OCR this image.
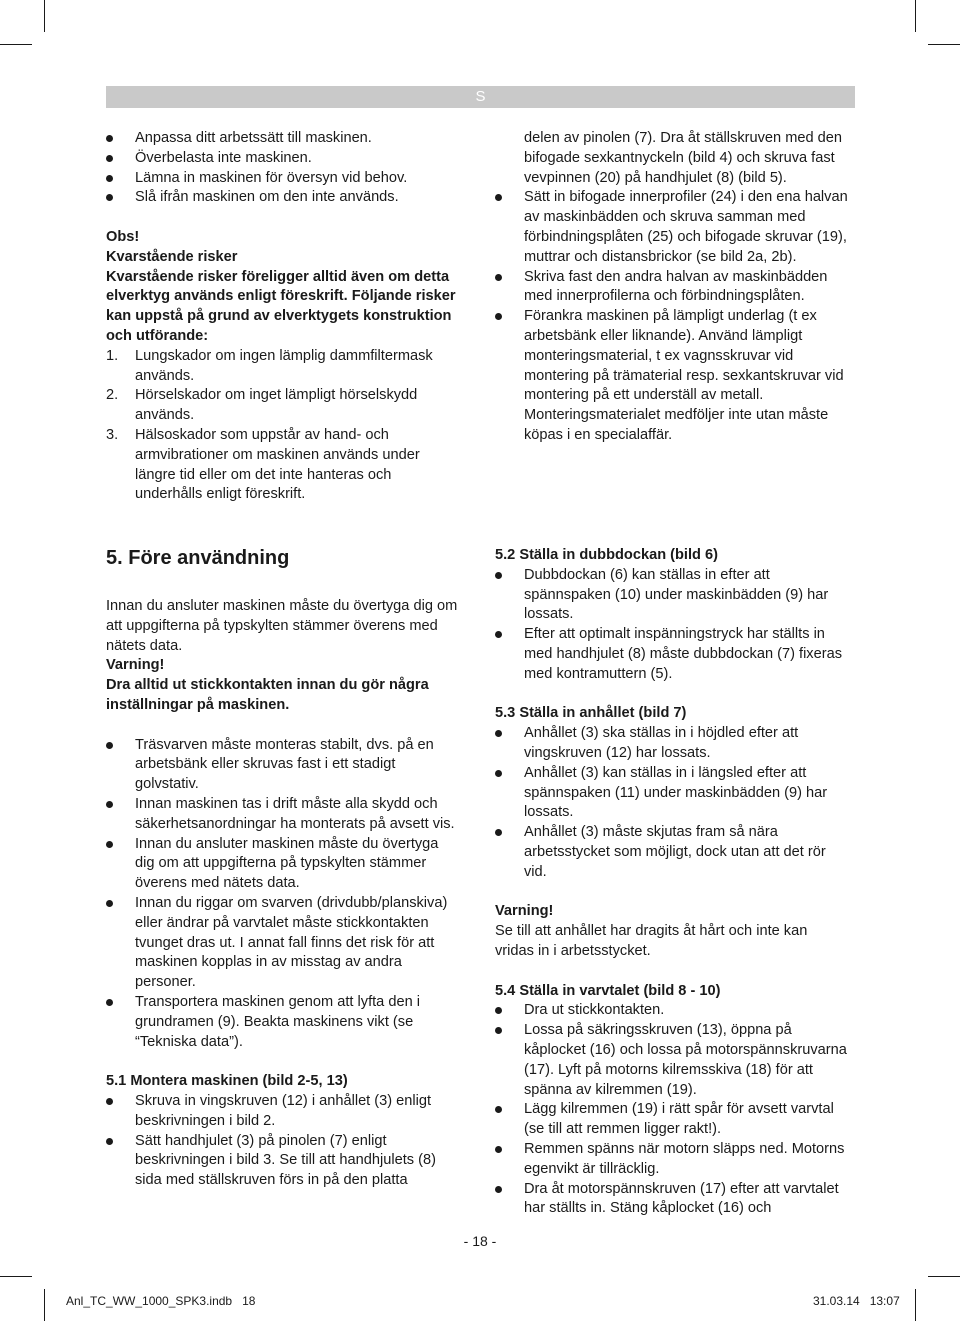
S
Anpassa ditt arbetssätt till maskinen.
Överbelasta inte maskinen.
Lämna in maskinen för översyn vid behov.
Slå ifrån maskinen om den inte används.
Obs!
Kvarstående risker
Kvarstående risker föreligger alltid även om detta elverktyg används enligt föreskrift. Följande risker kan uppstå på grund av elverktygets konstruktion och utförande:
1. Lungskador om ingen lämplig dammfiltermask används.
2. Hörselskador om inget lämpligt hörselskydd används.
3. Hälsoskador som uppstår av hand- och armvibrationer om maskinen används under längre tid eller om det inte hanteras och underhålls enligt föreskrift.
delen av pinolen (7). Dra åt ställskruven med den bifogade sexkantnyckeln (bild 4) och skruva fast vevpinnen (20) på handhjulet (8) (bild 5).
Sätt in bifogade innerprofiler (24) i den ena halvan av maskinbädden och skruva samman med förbindningsplåten (25) och bifogade skruvar (19), muttrar och distansbrickor (se bild 2a, 2b).
Skriva fast den andra halvan av maskinbädden med innerprofilerna och förbindningsplåten.
Förankra maskinen på lämpligt underlag (t ex arbetsbänk eller liknande). Använd lämpligt monteringsmaterial, t ex vagnsskruvar vid montering på trämaterial resp. sexkantskruvar vid montering på ett underställ av metall. Monteringsmaterialet medföljer inte utan måste köpas i en specialaffär.
5. Före användning
Innan du ansluter maskinen måste du övertyga dig om att uppgifterna på typskylten stämmer överens med nätets data.
Varning!
Dra alltid ut stickkontakten innan du gör några inställningar på maskinen.
Träsvarven måste monteras stabilt, dvs. på en arbetsbänk eller skruvas fast i ett stadigt golvstativ.
Innan maskinen tas i drift måste alla skydd och säkerhetsanordningar ha monterats på avsett vis.
Innan du ansluter maskinen måste du övertyga dig om att uppgifterna på typskylten stämmer överens med nätets data.
Innan du riggar om svarven (drivdubb/planskiva) eller ändrar på varvtalet måste stickkontakten tvunget dras ut. I annat fall finns det risk för att maskinen kopplas in av misstag av andra personer.
Transportera maskinen genom att lyfta den i grundramen (9). Beakta maskinens vikt (se “Tekniska data”).
5.1 Montera maskinen (bild 2-5, 13)
Skruva in vingskruven (12) i anhållet (3) enligt beskrivningen i bild 2.
Sätt handhjulet (3) på pinolen (7) enligt beskrivningen i bild 3. Se till att handhjulets (8) sida med ställskruven förs in på den platta
5.2 Ställa in dubbdockan (bild 6)
Dubbdockan (6) kan ställas in efter att spännspaken (10) under maskinbädden (9) har lossats.
Efter att optimalt inspänningstryck har ställts in med handhjulet (8) måste dubbdockan (7) fixeras med kontramuttern (5).
5.3 Ställa in anhållet (bild 7)
Anhållet (3) ska ställas in i höjdled efter att vingskruven (12) har lossats.
Anhållet (3) kan ställas in i längsled efter att spännspaken (11) under maskinbädden (9) har lossats.
Anhållet (3) måste skjutas fram så nära arbetsstycket som möjligt, dock utan att det rör vid.
Varning!
Se till att anhållet har dragits åt hårt och inte kan vridas in i arbetsstycket.
5.4 Ställa in varvtalet (bild 8 - 10)
Dra ut stickkontakten.
Lossa på säkringsskruven (13), öppna på kåplocket (16) och lossa på motorspännskruvarna (17). Lyft på motorns kilremsskiva (18) för att spänna av kilremmen (19).
Lägg kilremmen (19) i rätt spår för avsett varvtal (se till att remmen ligger rakt!).
Remmen spänns när motorn släpps ned. Motorns egenvikt är tillräcklig.
Dra åt motorspännskruven (17) efter att varvtalet har ställts in. Stäng kåplocket (16) och
- 18 -
Anl_TC_WW_1000_SPK3.indb   18	31.03.14   13:07
